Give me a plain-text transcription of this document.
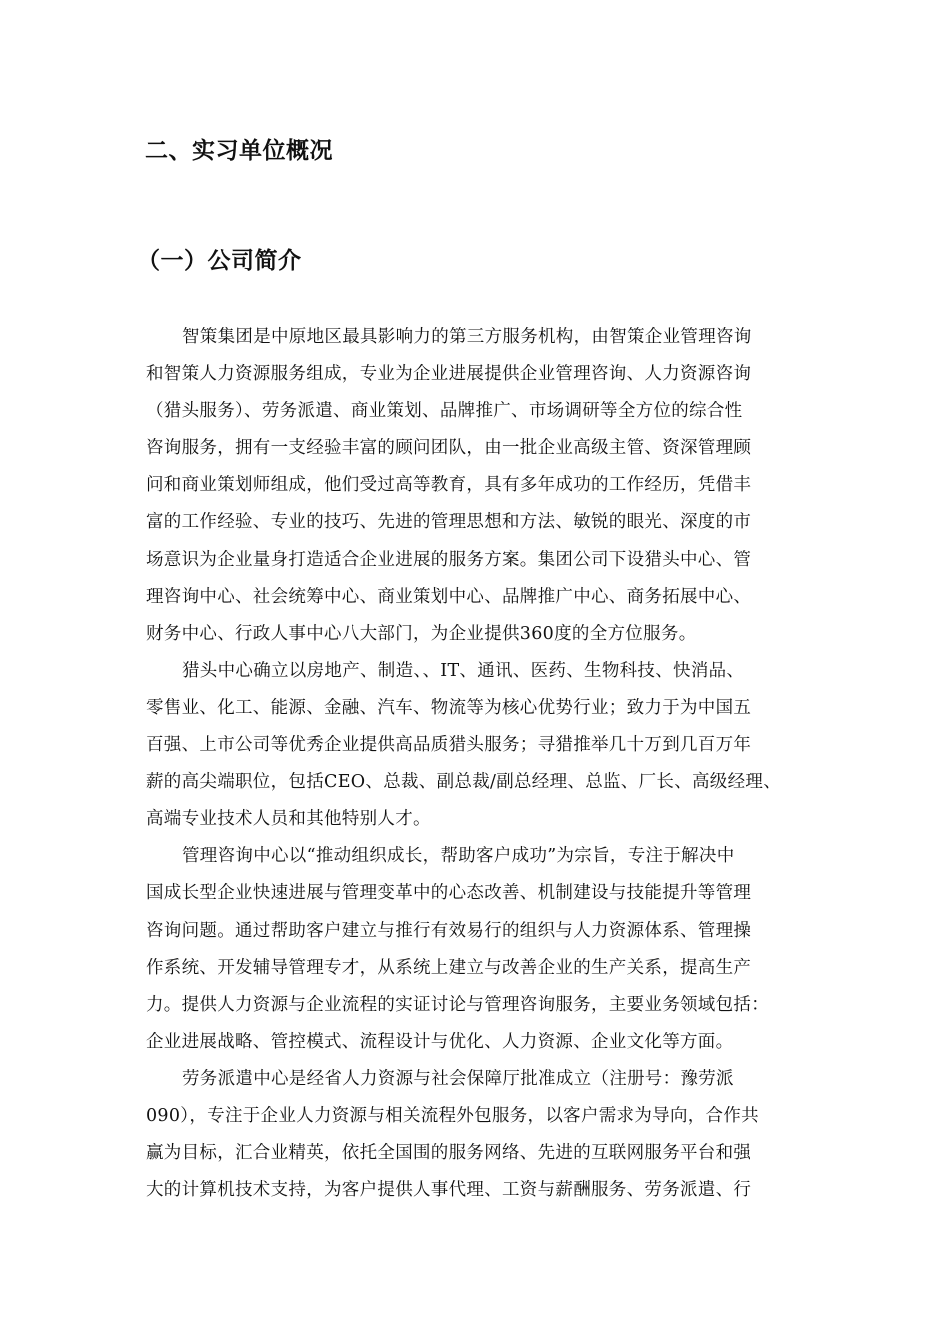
二、实习单位概况
（一）公司简介

智策集团是中原地区最具影响力的第三方服务机构，由智策企业管理咨询
和智策人力资源服务组成，专业为企业进展提供企业管理咨询、人力资源咨询
（猎头服务）、劳务派遣、商业策划、品牌推广、市场调研等全方位的综合性
咨询服务，拥有一支经验丰富的顾问团队，由一批企业高级主管、资深管理顾
问和商业策划师组成，他们受过高等教育，具有多年成功的工作经历，凭借丰
富的工作经验、专业的技巧、先进的管理思想和方法、敏锐的眼光、深度的市
场意识为企业量身打造适合企业进展的服务方案。集团公司下设猎头中心、管
理咨询中心、社会统筹中心、商业策划中心、品牌推广中心、商务拓展中心、
财务中心、行政人事中心八大部门，为企业提供360度的全方位服务。

猎头中心确立以房地产、制造、、IT、通讯、医药、生物科技、快消品、
零售业、化工、能源、金融、汽车、物流等为核心优势行业；致力于为中国五
百强、上市公司等优秀企业提供高品质猎头服务；寻猎推举几十万到几百万年
薪的高尖端职位，包括CEO、总裁、副总裁/副总经理、总监、厂长、高级经理、
高端专业技术人员和其他特别人才。

管理咨询中心以“推动组织成长，帮助客户成功”为宗旨，专注于解决中
国成长型企业快速进展与管理变革中的心态改善、机制建设与技能提升等管理
咨询问题。通过帮助客户建立与推行有效易行的组织与人力资源体系、管理操
作系统、开发辅导管理专才，从系统上建立与改善企业的生产关系，提高生产
力。提供人力资源与企业流程的实证讨论与管理咨询服务，主要业务领域包括：
企业进展战略、管控模式、流程设计与优化、人力资源、企业文化等方面。

劳务派遣中心是经省人力资源与社会保障厅批准成立（注册号：豫劳派
090），专注于企业人力资源与相关流程外包服务，以客户需求为导向，合作共
赢为目标，汇合业精英，依托全国围的服务网络、先进的互联网服务平台和强
大的计算机技术支持，为客户提供人事代理、工资与薪酬服务、劳务派遣、行
